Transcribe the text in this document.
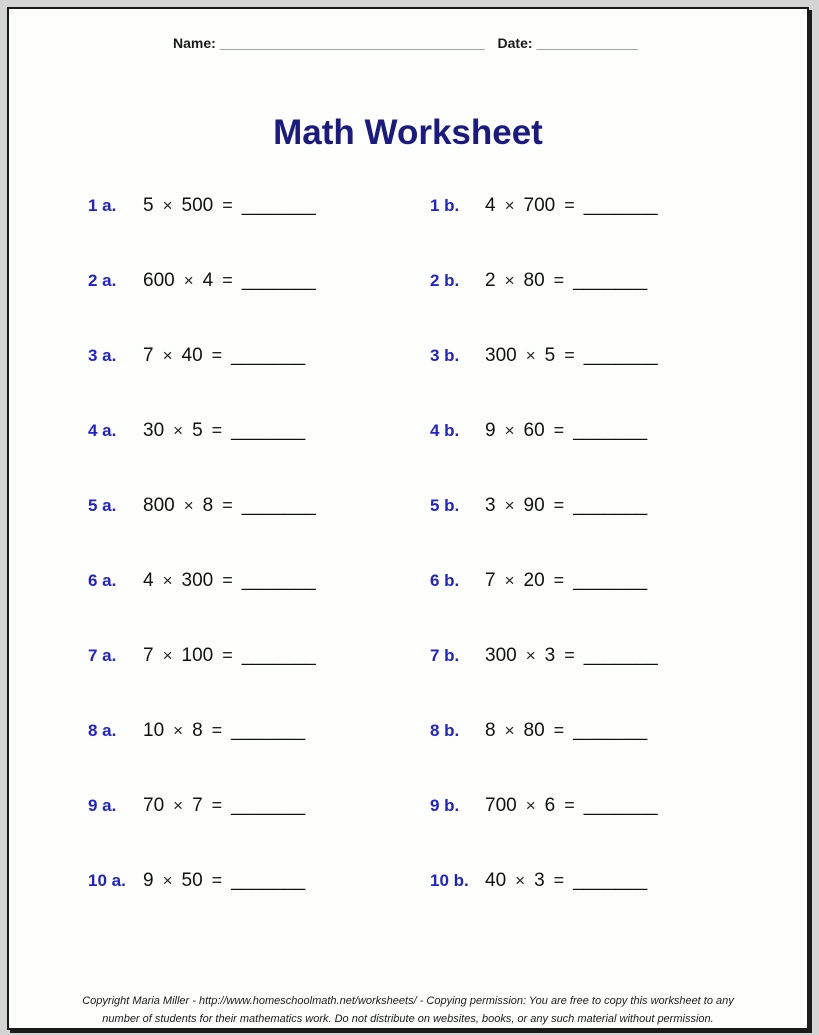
Name: __________________________________ Date: _____________
Math Worksheet
1 a.	5 × 500 = _______	1 b.	4 × 700 = _______
2 a.	600 × 4 = _______	2 b.	2 × 80 = _______
3 a.	7 × 40 = _______	3 b.	300 × 5 = _______
4 a.	30 × 5 = _______	4 b.	9 × 60 = _______
5 a.	800 × 8 = _______	5 b.	3 × 90 = _______
6 a.	4 × 300 = _______	6 b.	7 × 20 = _______
7 a.	7 × 100 = _______	7 b.	300 × 3 = _______
8 a.	10 × 8 = _______	8 b.	8 × 80 = _______
9 a.	70 × 7 = _______	9 b.	700 × 6 = _______
10 a. 9 × 50 = _______	10 b. 40 × 3 = _______
Copyright Maria Miller - http://www.homeschoolmath.net/worksheets/ - Copying permission: You are free to copy this worksheet to any
number of students for their mathematics work. Do not distribute on websites, books, or any such material without permission.
